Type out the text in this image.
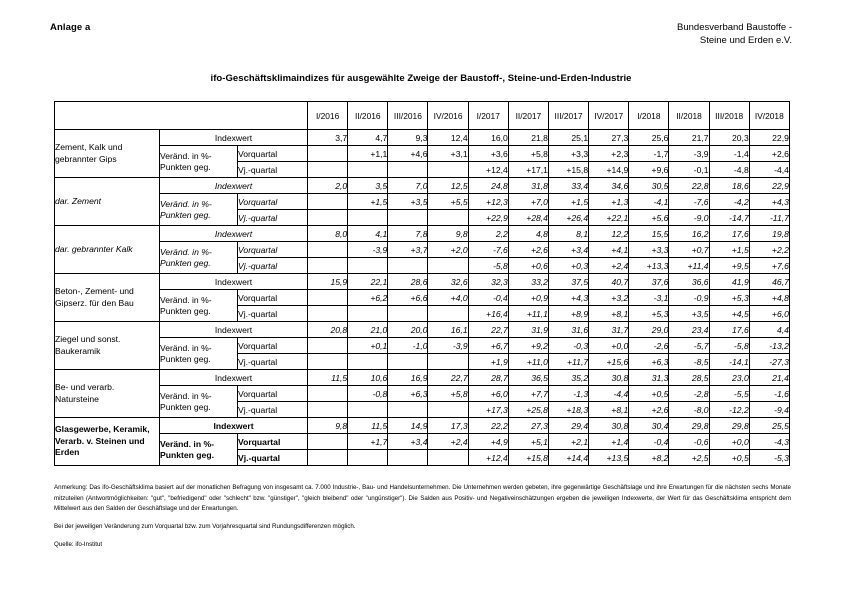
Anlage a	Bundesverband Baustoffe -
Steine und Erden e.V.
ifo-Geschäftsklimaindizes für ausgewählte Zweige der Baustoff-, Steine-und-Erden-Industrie
			I/2016	II/2016	III/2016	IV/2016	I/2017	II/2017	III/2017	IV/2017	I/2018	II/2018	III/2018	IV/2018
Zement, Kalk und gebrannter Gips	Indexwert		3,7	4,7	9,3	12,4	16,0	21,8	25,1	27,3	25,6	21,7	20,3	22,9

	Veränd. in %-
Punkten geg.	Vorquartal		+1,1	+4,6	+3,1	+3,6	+5,8	+3,3	+2,3	-1,7	-3,9	-1,4	+2,6
		Vj.-quartal					+12,4	+17,1	+15,8	+14,9	+9,6	-0,1	-4,8	-4,4
dar. Zement	Indexwert		2,0	3,5	7,0	12,5	24,8	31,8	33,4	34,6	30,5	22,8	18,6	22,9

	Veränd. in %-
Punkten geg.	Vorquartal		+1,5	+3,5	+5,5	+12,3	+7,0	+1,5	+1,3	-4,1	-7,6	-4,2	+4,3
		Vj.-quartal					+22,9	+28,4	+26,4	+22,1	+5,6	-9,0	-14,7	-11,7
dar. gebrannter Kalk	Indexwert		8,0	4,1	7,8	9,8	2,2	4,8	8,1	12,2	15,5	16,2	17,6	19,8

	Veränd. in %-
Punkten geg.	Vorquartal		-3,9	+3,7	+2,0	-7,6	+2,6	+3,4	+4,1	+3,3	+0,7	+1,5	+2,2
		Vj.-quartal					-5,8	+0,6	+0,3	+2,4	+13,3	+11,4	+9,5	+7,6
Beton-, Zement- und Gipserz. für den Bau	Indexwert		15,9	22,1	28,6	32,6	32,3	33,2	37,5	40,7	37,6	36,6	41,9	46,7

	Veränd. in %-
Punkten geg.	Vorquartal		+6,2	+6,6	+4,0	-0,4	+0,9	+4,3	+3,2	-3,1	-0,9	+5,3	+4,8
		Vj.-quartal					+16,4	+11,1	+8,9	+8,1	+5,3	+3,5	+4,5	+6,0
Ziegel und sonst. Baukeramik	Indexwert		20,8	21,0	20,0	16,1	22,7	31,9	31,6	31,7	29,0	23,4	17,6	4,4

	Veränd. in %-
Punkten geg.	Vorquartal		+0,1	-1,0	-3,9	+6,7	+9,2	-0,3	+0,0	-2,6	-5,7	-5,8	-13,2
		Vj.-quartal					+1,9	+11,0	+11,7	+15,6	+6,3	-8,5	-14,1	-27,3
Be- und verarb. Natursteine	Indexwert		11,5	10,6	16,9	22,7	28,7	36,5	35,2	30,8	31,3	28,5	23,0	21,4

	Veränd. in %-
Punkten geg.	Vorquartal		-0,8	+6,3	+5,8	+6,0	+7,7	-1,3	-4,4	+0,5	-2,8	-5,5	-1,6
		Vj.-quartal					+17,3	+25,8	+18,3	+8,1	+2,6	-8,0	-12,2	-9,4
Glasgewerbe, Keramik, Verarb. v. Steinen und Erden	Indexwert		9,8	11,5	14,9	17,3	22,2	27,3	29,4	30,8	30,4	29,8	29,8	25,5

	Veränd. in %-
Punkten geg.	Vorquartal		+1,7	+3,4	+2,4	+4,9	+5,1	+2,1	+1,4	-0,4	-0,6	+0,0	-4,3
		Vj.-quartal					+12,4	+15,8	+14,4	+13,5	+8,2	+2,5	+0,5	-5,3

Anmerkung: Das ifo-Geschäftsklima basiert auf der monatlichen Befragung von insgesamt ca. 7.000 Industrie-, Bau- und Handelsunternehmen. Die Unternehmen werden gebeten, ihre gegenwärtige Geschäftslage und ihre Erwartungen für die nächsten sechs Monate mitzuteilen (Antwortmöglichkeiten: "gut", "befriedigend" oder "schlecht" bzw. "günstiger", "gleich bleibend" oder "ungünstiger"). Die Salden aus Positiv- und Negativeinschätzungen ergeben die jeweiligen Indexwerte, der Wert für das Geschäftsklima entspricht dem Mittelwert aus den Salden der Geschäftslage und der Erwartungen.

Bei der jeweiligen Veränderung zum Vorquartal bzw. zum Vorjahresquartal sind Rundungsdifferenzen möglich.

Quelle: ifo-Institut
